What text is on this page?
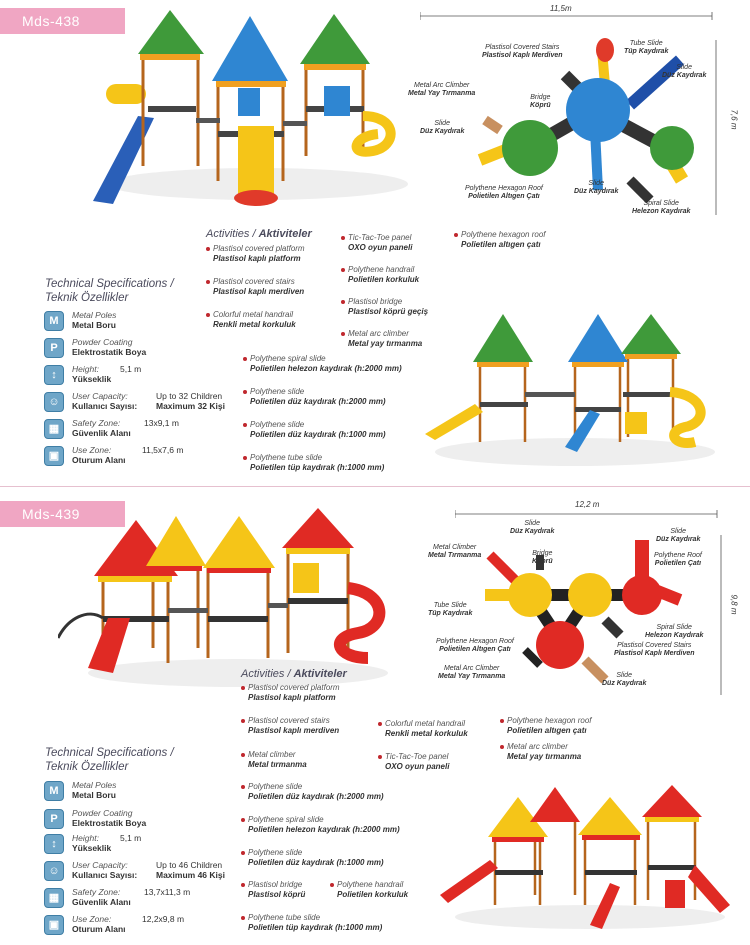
Mds-438
11,5m
7,6 m
Plastisol Covered Stairs
Plastisol Kaplı Merdiven
Tube Slide
Tüp Kaydırak
Slide
Düz Kaydırak
Metal Arc Climber
Metal Yay Tırmanma
Bridge
Köprü
Slide
Düz Kaydırak
Polythene Hexagon Roof
Polietilen Altıgen Çatı
Slide
Düz Kaydırak
Spiral Slide
Helezon Kaydırak
Technical Specifications /
Teknik Özellikler
M	Metal Poles
Metal Boru
P	Powder Coating
Elektrostatik Boya
↕	Height:
Yükseklik
5,1 m
☺	User Capacity:
Kullanıcı Sayısı:
Up to 32 Children
Maximum 32 Kişi
▦	Safety Zone:
Güvenlik Alanı
13x9,1 m
▣	Use Zone:
Oturum Alanı
11,5x7,6 m
Activities / Aktiviteler
Plastisol covered platform
Plastisol kaplı platform
Plastisol covered stairs
Plastisol kaplı merdiven
Colorful metal handrail
Renkli metal korkuluk
Tic-Tac-Toe panel
OXO oyun paneli
Polythene handrail
Polietilen korkuluk
Plastisol bridge
Plastisol köprü geçiş
Metal arc climber
Metal yay tırmanma
Polythene hexagon roof
Polietilen altıgen çatı
Polythene spiral slide
Polietilen helezon kaydırak (h:2000 mm)
Polythene slide
Polietilen düz kaydırak (h:2000 mm)
Polythene slide
Polietilen düz kaydırak (h:1000 mm)
Polythene tube slide
Polietilen tüp kaydırak (h:1000 mm)
Mds-439
12,2 m
9,8 m
Slide
Düz Kaydırak	Slide
Düz Kaydırak
Metal Climber
Metal Tırmanma	Bridge
Köprü
Polythene Roof
Polietilen Çatı
Tube Slide
Tüp Kaydırak
Spiral Slide
Helezon Kaydırak
Polythene Hexagon Roof
Polietilen Altıgen Çatı
Plastisol Covered Stairs
Plastisol Kaplı Merdiven
Metal Arc Climber
Metal Yay Tırmanma	Slide
Düz Kaydırak
Technical Specifications /
Teknik Özellikler
M	Metal Poles
Metal Boru
P	Powder Coating
Elektrostatik Boya
↕	Height:
Yükseklik
5,1 m
☺	User Capacity:
Kullanıcı Sayısı:
Up to 46 Children
Maximum 46 Kişi
▦	Safety Zone:
Güvenlik Alanı
13,7x11,3 m
▣	Use Zone:
Oturum Alanı
12,2x9,8 m
Activities / Aktiviteler
Plastisol covered platform
Plastisol kaplı platform
Plastisol covered stairs
Plastisol kaplı merdiven
Colorful metal handrail
Renkli metal korkuluk
Polythene hexagon roof
Polietilen altıgen çatı
Metal climber
Metal tırmanma
Tic-Tac-Toe panel
OXO oyun paneli
Metal arc climber
Metal yay tırmanma
Polythene slide
Polietilen düz kaydırak (h:2000 mm)
Polythene spiral slide
Polietilen helezon kaydırak (h:2000 mm)
Polythene slide
Polietilen düz kaydırak (h:1000 mm)
Plastisol bridge
Plastisol köprü
Polythene handrail
Polietilen korkuluk
Polythene tube slide
Polietilen tüp kaydırak (h:1000 mm)
